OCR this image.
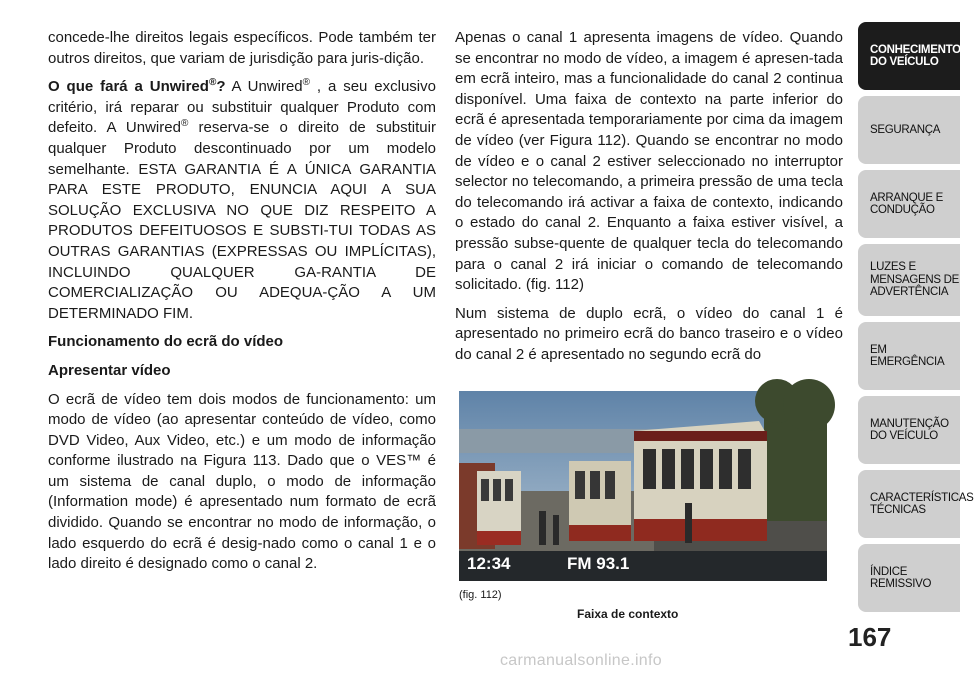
concede-lhe direitos legais específicos. Pode também ter outros direitos, que variam de jurisdição para juris-dição.

O que fará a Unwired®? A Unwired® , a seu exclusivo critério, irá reparar ou substituir qualquer Produto com defeito. A Unwired® reserva-se o direito de substituir qualquer Produto descontinuado por um modelo semelhante. ESTA GARANTIA É A ÚNICA GARANTIA PARA ESTE PRODUTO, ENUNCIA AQUI A SUA SOLUÇÃO EXCLUSIVA NO QUE DIZ RESPEITO A PRODUTOS DEFEITUOSOS E SUBSTI-TUI TODAS AS OUTRAS GARANTIAS (EXPRESSAS OU IMPLÍCITAS), INCLUINDO QUALQUER GA-RANTIA DE COMERCIALIZAÇÃO OU ADEQUA-ÇÃO A UM DETERMINADO FIM.

Funcionamento do ecrã do vídeo

Apresentar vídeo

O ecrã de vídeo tem dois modos de funcionamento: um modo de vídeo (ao apresentar conteúdo de vídeo, como DVD Video, Aux Video, etc.) e um modo de informação conforme ilustrado na Figura 113. Dado que o VES™ é um sistema de canal duplo, o modo de informação (Information mode) é apresentado num formato de ecrã dividido. Quando se encontrar no modo de informação, o lado esquerdo do ecrã é desig-nado como o canal 1 e o lado direito é designado como o canal 2.

Apenas o canal 1 apresenta imagens de vídeo. Quando se encontrar no modo de vídeo, a imagem é apresen-tada em ecrã inteiro, mas a funcionalidade do canal 2 continua disponível. Uma faixa de contexto na parte inferior do ecrã é apresentada temporariamente por cima da imagem de vídeo (ver Figura 112). Quando se encontrar no modo de vídeo e o canal 2 estiver seleccionado no interruptor selector no telecomando, a primeira pressão de uma tecla do telecomando irá activar a faixa de contexto, indicando o estado do canal 2. Enquanto a faixa estiver visível, a pressão subse-quente de qualquer tecla do telecomando para o canal 2 irá iniciar o comando de telecomando solicitado. (fig. 112)

Num sistema de duplo ecrã, o vídeo do canal 1 é apresentado no primeiro ecrã do banco traseiro e o vídeo do canal 2 é apresentado no segundo ecrã do

12:34	FM 93.1
(fig. 112)
Faixa de contexto
CONHECIMENTO DO VEÍCULO
SEGURANÇA
ARRANQUE E CONDUÇÃO
LUZES E MENSAGENS DE ADVERTÊNCIA
EM EMERGÊNCIA
MANUTENÇÃO DO VEÍCULO
CARACTERÍSTICAS TÉCNICAS
ÍNDICE REMISSIVO
167
carmanualsonline.info
